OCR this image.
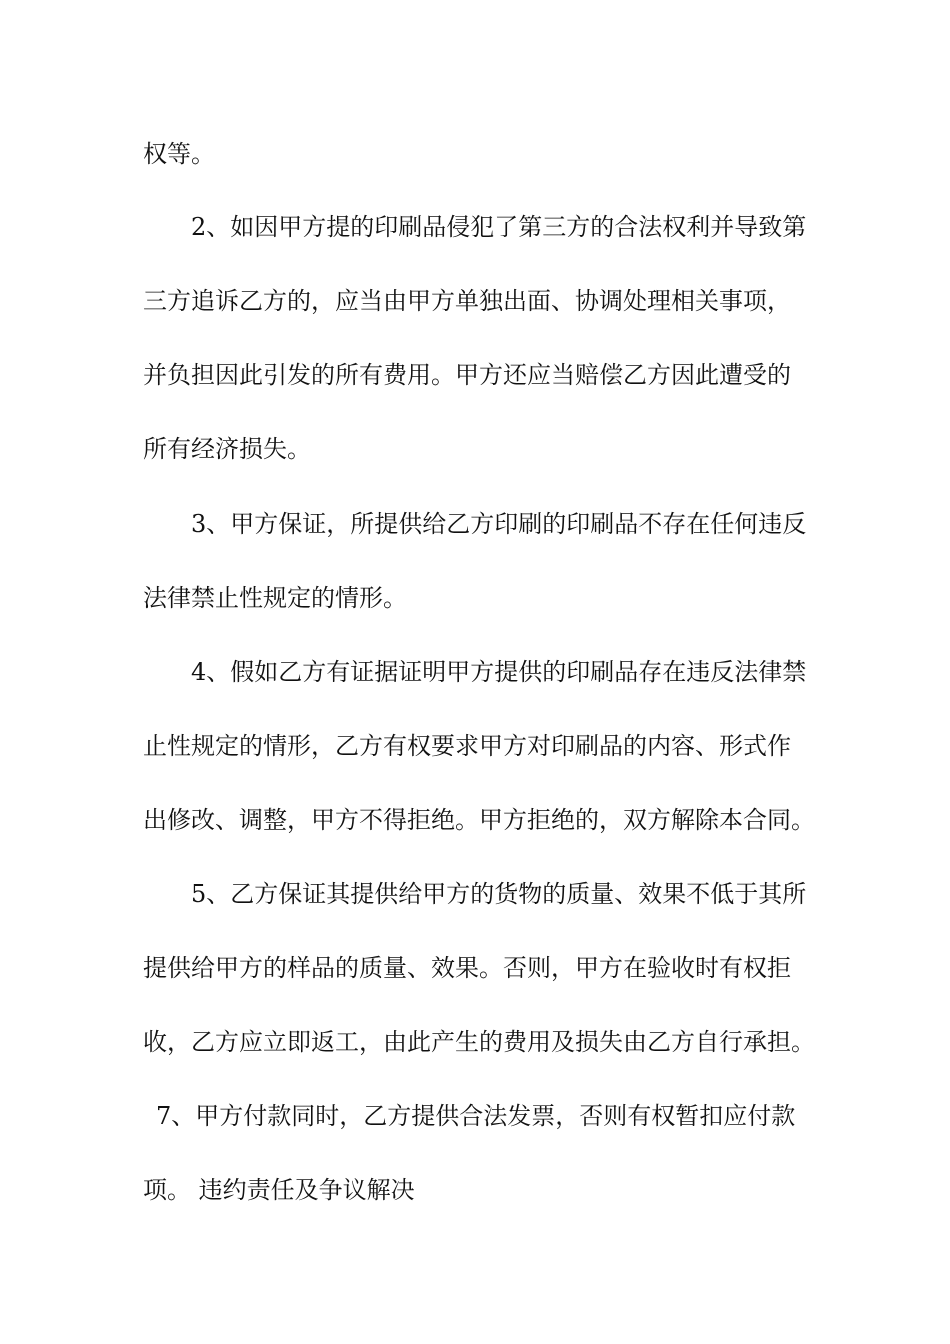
权等。
2、如因甲方提的印刷品侵犯了第三方的合法权利并导致第
三方追诉乙方的，应当由甲方单独出面、协调处理相关事项，
并负担因此引发的所有费用。甲方还应当赔偿乙方因此遭受的
所有经济损失。
3、甲方保证，所提供给乙方印刷的印刷品不存在任何违反
法律禁止性规定的情形。
4、假如乙方有证据证明甲方提供的印刷品存在违反法律禁
止性规定的情形，乙方有权要求甲方对印刷品的内容、形式作
出修改、调整，甲方不得拒绝。甲方拒绝的，双方解除本合同。
5、乙方保证其提供给甲方的货物的质量、效果不低于其所
提供给甲方的样品的质量、效果。否则，甲方在验收时有权拒
收，乙方应立即返工，由此产生的费用及损失由乙方自行承担。
7、甲方付款同时，乙方提供合法发票，否则有权暂扣应付款
项。 违约责任及争议解决
